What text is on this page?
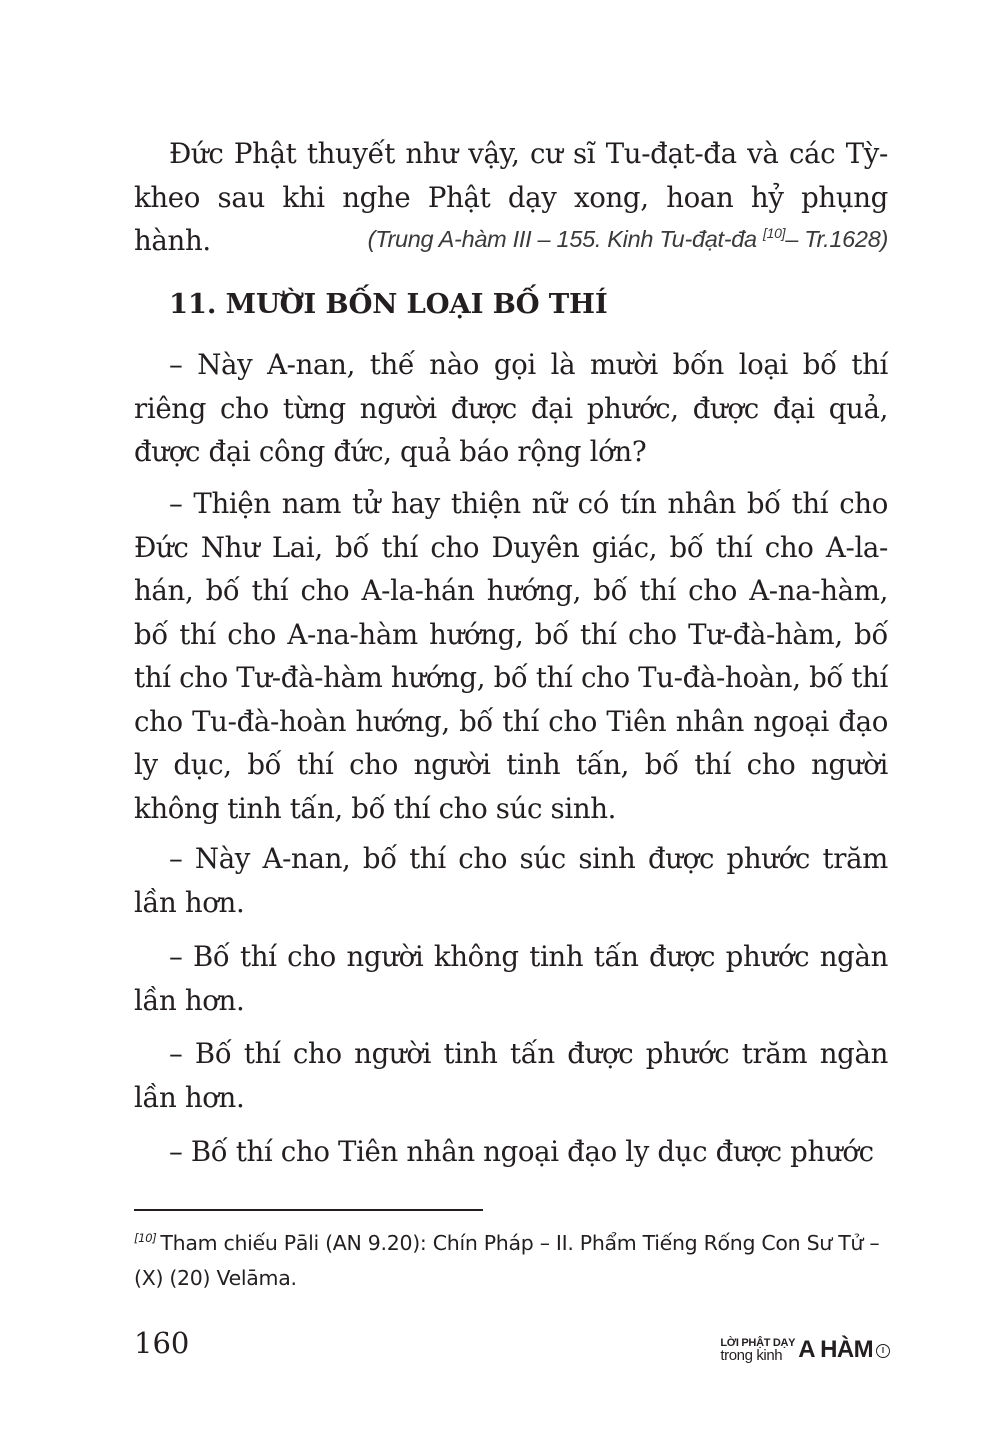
Đức Phật thuyết như vậy, cư sĩ Tu-đạt-đa và các Tỳ-kheo sau khi nghe Phật dạy xong, hoan hỷ phụng hành.	(Trung A-hàm III – 155. Kinh Tu-đạt-đa [10]– Tr.1628)
11. MƯỜI BỐN LOẠI BỐ THÍ

– Này A-nan, thế nào gọi là mười bốn loại bố thí riêng cho từng người được đại phước, được đại quả, được đại công đức, quả báo rộng lớn?

– Thiện nam tử hay thiện nữ có tín nhân bố thí cho Đức Như Lai, bố thí cho Duyên giác, bố thí cho A-la-hán, bố thí cho A-la-hán hướng, bố thí cho A-na-hàm, bố thí cho A-na-hàm hướng, bố thí cho Tư-đà-hàm, bố thí cho Tư-đà-hàm hướng, bố thí cho Tu-đà-hoàn, bố thí cho Tu-đà-hoàn hướng, bố thí cho Tiên nhân ngoại đạo ly dục, bố thí cho người tinh tấn, bố thí cho người không tinh tấn, bố thí cho súc sinh.

– Này A-nan, bố thí cho súc sinh được phước trăm lần hơn.

– Bố thí cho người không tinh tấn được phước ngàn lần hơn.

– Bố thí cho người tinh tấn được phước trăm ngàn lần hơn.

– Bố thí cho Tiên nhân ngoại đạo ly dục được phước

[10] Tham chiếu Pāli (AN 9.20): Chín Pháp – II. Phẩm Tiếng Rống Con Sư Tử – (X) (20) Velāma.
160	LỜI PHẬT DẠY
trong kinh A HÀM	I
